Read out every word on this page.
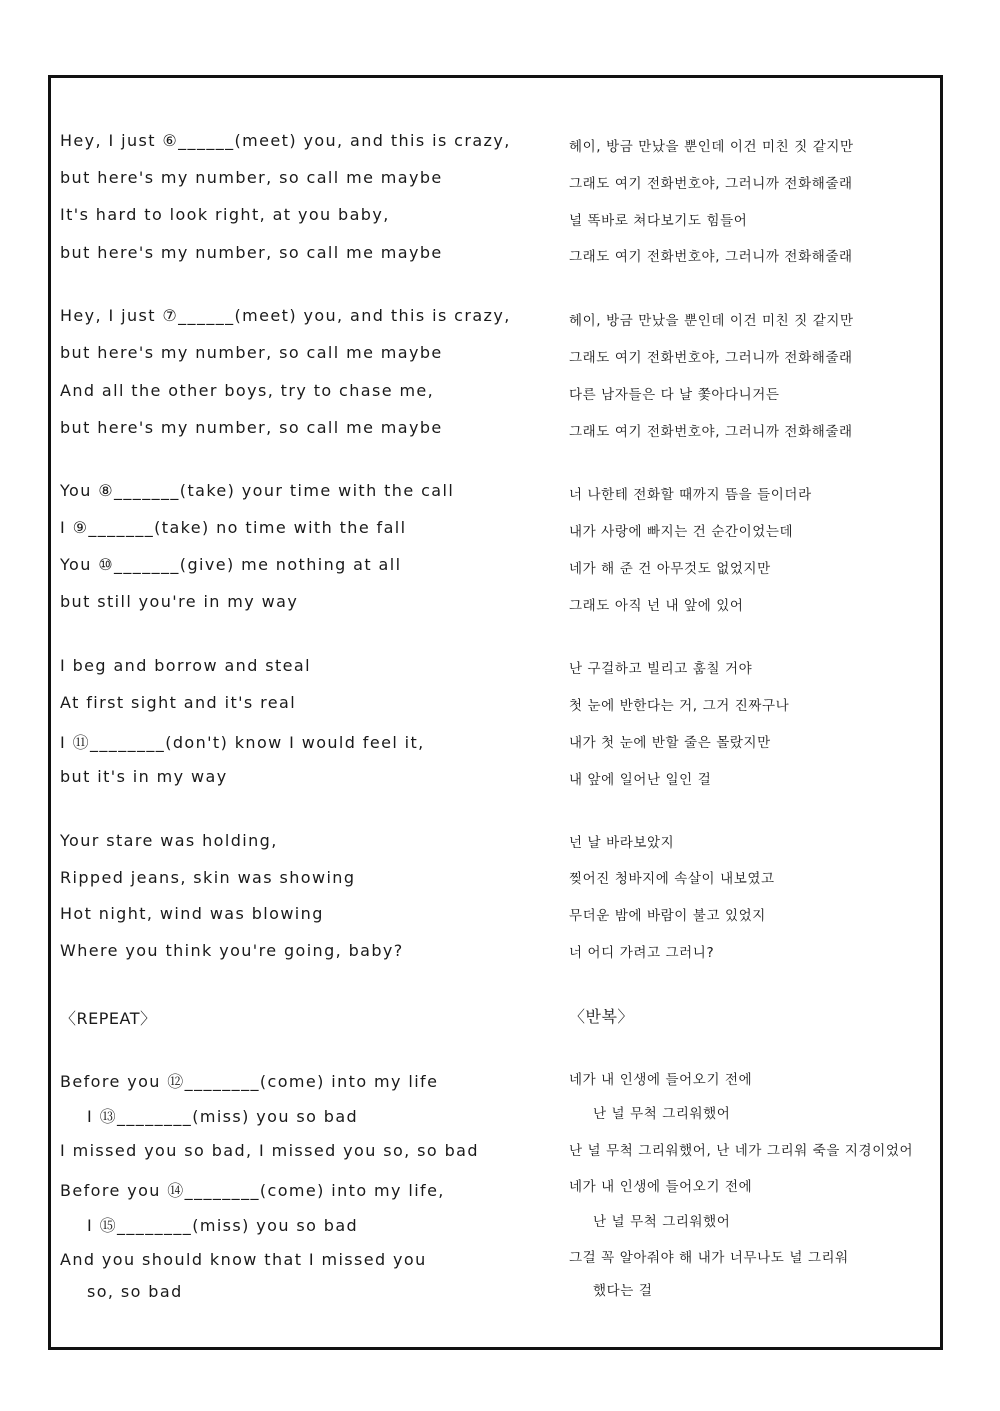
Hey, I just ⑥______(meet) you, and this is crazy,
but here's my number, so call me maybe
It's hard to look right, at you baby,
but here's my number, so call me maybe
Hey, I just ⑦______(meet) you, and this is crazy,
but here's my number, so call me maybe
And all the other boys, try to chase me,
but here's my number, so call me maybe
You ⑧_______(take) your time with the call
I ⑨_______(take) no time with the fall
You ⑩_______(give) me nothing at all
but still you're in my way
I beg and borrow and steal
At first sight and it's real
I ⑪________(don't) know I would feel it,
but it's in my way
Your stare was holding,
Ripped jeans, skin was showing
Hot night, wind was blowing
Where you think you're going, baby?
〈REPEAT〉
Before you ⑫________(come) into my life
I ⑬________(miss) you so bad
I missed you so bad, I missed you so, so bad
Before you ⑭________(come) into my life,
I ⑮________(miss) you so bad
And you should know that I missed you
so, so bad
헤이, 방금 만났을 뿐인데 이건 미친 짓 같지만
그래도 여기 전화번호야, 그러니까 전화해줄래
널 똑바로 쳐다보기도 힘들어
그래도 여기 전화번호야, 그러니까 전화해줄래
헤이, 방금 만났을 뿐인데 이건 미친 짓 같지만
그래도 여기 전화번호야, 그러니까 전화해줄래
다른 남자들은 다 날 쫓아다니거든
그래도 여기 전화번호야, 그러니까 전화해줄래
너 나한테 전화할 때까지 뜸을 들이더라
내가 사랑에 빠지는 건 순간이었는데
네가 해 준 건 아무것도 없었지만
그래도 아직 넌 내 앞에 있어
난 구걸하고 빌리고 훔칠 거야
첫 눈에 반한다는 거, 그거 진짜구나
내가 첫 눈에 반할 줄은 몰랐지만
내 앞에 일어난 일인 걸
넌 날 바라보았지
찢어진 청바지에 속살이 내보였고
무더운 밤에 바람이 불고 있었지
너 어디 가려고 그러니?
〈반복〉
네가 내 인생에 들어오기 전에
난 널 무척 그리워했어
난 널 무척 그리워했어, 난 네가 그리워 죽을 지경이었어
네가 내 인생에 들어오기 전에
난 널 무척 그리워했어
그걸 꼭 알아줘야 해 내가 너무나도 널 그리워
했다는 걸
